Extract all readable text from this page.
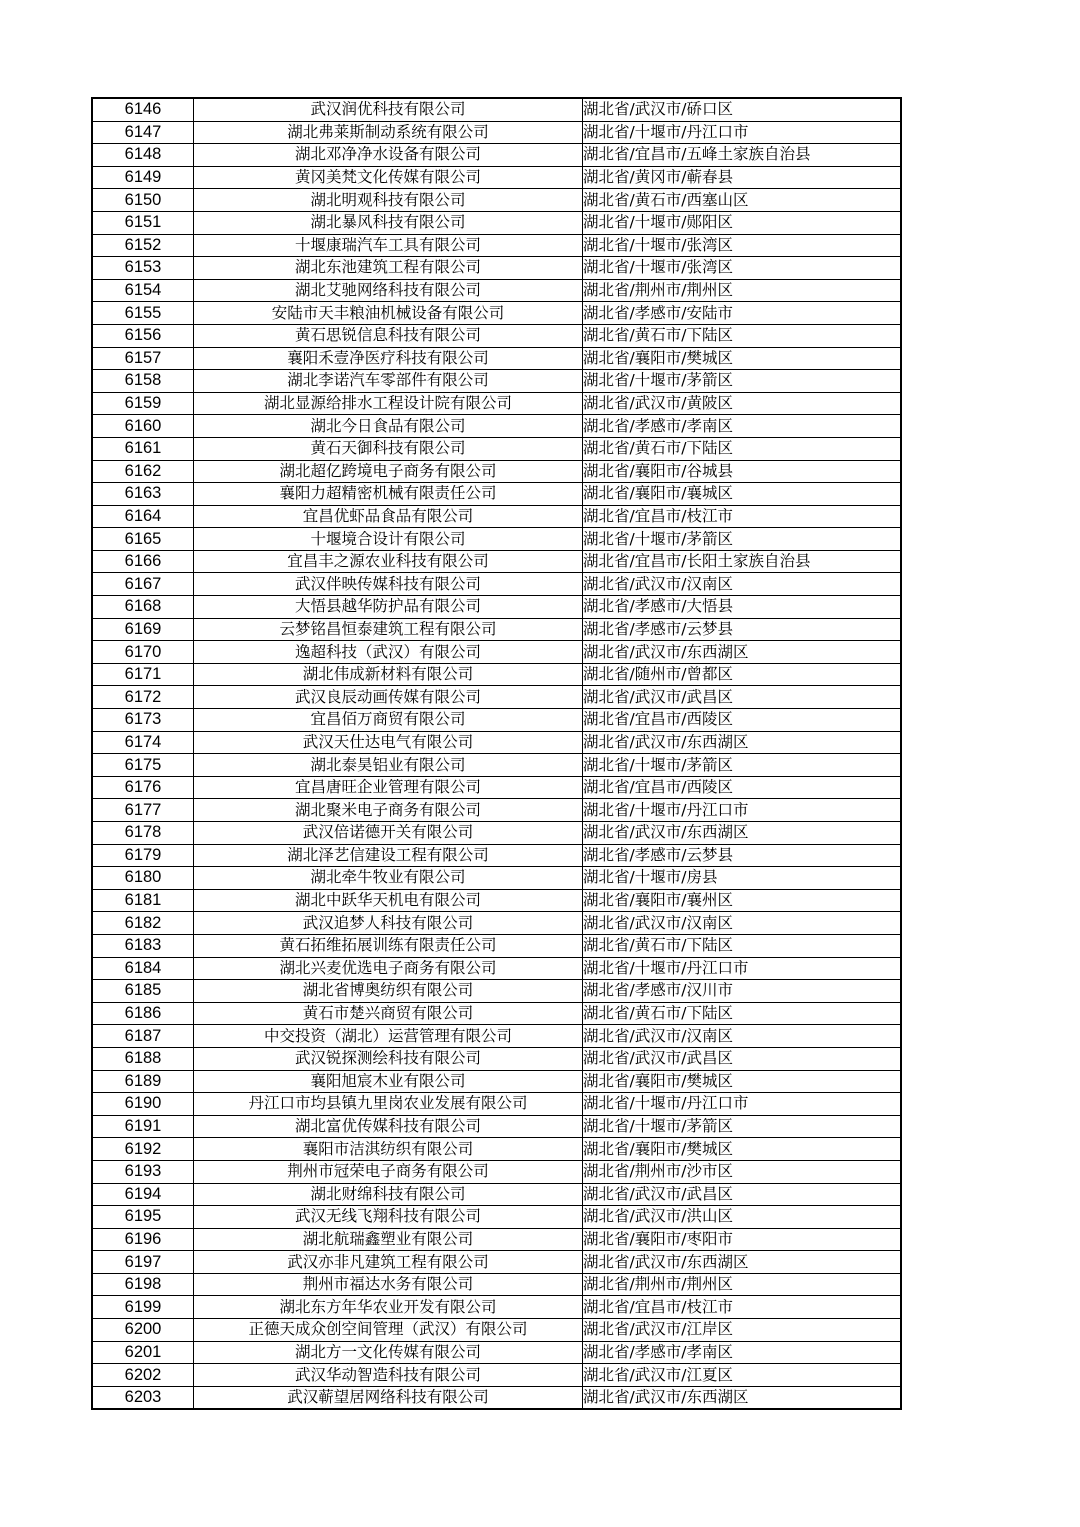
6146	武汉润优科技有限公司	湖北省/武汉市/硚口区
6147	湖北弗莱斯制动系统有限公司	湖北省/十堰市/丹江口市
6148	湖北邓净净水设备有限公司	湖北省/宜昌市/五峰土家族自治县
6149	黄冈美梵文化传媒有限公司	湖北省/黄冈市/蕲春县
6150	湖北明观科技有限公司	湖北省/黄石市/西塞山区
6151	湖北暴风科技有限公司	湖北省/十堰市/郧阳区
6152	十堰康瑞汽车工具有限公司	湖北省/十堰市/张湾区
6153	湖北东池建筑工程有限公司	湖北省/十堰市/张湾区
6154	湖北艾驰网络科技有限公司	湖北省/荆州市/荆州区
6155	安陆市天丰粮油机械设备有限公司	湖北省/孝感市/安陆市
6156	黄石思锐信息科技有限公司	湖北省/黄石市/下陆区
6157	襄阳禾壹净医疗科技有限公司	湖北省/襄阳市/樊城区
6158	湖北李诺汽车零部件有限公司	湖北省/十堰市/茅箭区
6159	湖北显源给排水工程设计院有限公司	湖北省/武汉市/黄陂区
6160	湖北今日食品有限公司	湖北省/孝感市/孝南区
6161	黄石天御科技有限公司	湖北省/黄石市/下陆区
6162	湖北超亿跨境电子商务有限公司	湖北省/襄阳市/谷城县
6163	襄阳力超精密机械有限责任公司	湖北省/襄阳市/襄城区
6164	宜昌优虾品食品有限公司	湖北省/宜昌市/枝江市
6165	十堰境合设计有限公司	湖北省/十堰市/茅箭区
6166	宜昌丰之源农业科技有限公司	湖北省/宜昌市/长阳土家族自治县
6167	武汉伴映传媒科技有限公司	湖北省/武汉市/汉南区
6168	大悟县越华防护品有限公司	湖北省/孝感市/大悟县
6169	云梦铭昌恒泰建筑工程有限公司	湖北省/孝感市/云梦县
6170	逸超科技（武汉）有限公司	湖北省/武汉市/东西湖区
6171	湖北伟成新材料有限公司	湖北省/随州市/曾都区
6172	武汉良辰动画传媒有限公司	湖北省/武汉市/武昌区
6173	宜昌佰万商贸有限公司	湖北省/宜昌市/西陵区
6174	武汉天仕达电气有限公司	湖北省/武汉市/东西湖区
6175	湖北泰昊铝业有限公司	湖北省/十堰市/茅箭区
6176	宜昌唐旺企业管理有限公司	湖北省/宜昌市/西陵区
6177	湖北聚米电子商务有限公司	湖北省/十堰市/丹江口市
6178	武汉倍诺德开关有限公司	湖北省/武汉市/东西湖区
6179	湖北泽艺信建设工程有限公司	湖北省/孝感市/云梦县
6180	湖北牵牛牧业有限公司	湖北省/十堰市/房县
6181	湖北中跃华天机电有限公司	湖北省/襄阳市/襄州区
6182	武汉追梦人科技有限公司	湖北省/武汉市/汉南区
6183	黄石拓维拓展训练有限责任公司	湖北省/黄石市/下陆区
6184	湖北兴麦优选电子商务有限公司	湖北省/十堰市/丹江口市
6185	湖北省博奥纺织有限公司	湖北省/孝感市/汉川市
6186	黄石市楚兴商贸有限公司	湖北省/黄石市/下陆区
6187	中交投资（湖北）运营管理有限公司	湖北省/武汉市/汉南区
6188	武汉锐探测绘科技有限公司	湖北省/武汉市/武昌区
6189	襄阳旭宸木业有限公司	湖北省/襄阳市/樊城区
6190	丹江口市均县镇九里岗农业发展有限公司	湖北省/十堰市/丹江口市
6191	湖北富优传媒科技有限公司	湖北省/十堰市/茅箭区
6192	襄阳市洁淇纺织有限公司	湖北省/襄阳市/樊城区
6193	荆州市冠荣电子商务有限公司	湖北省/荆州市/沙市区
6194	湖北财绵科技有限公司	湖北省/武汉市/武昌区
6195	武汉无线飞翔科技有限公司	湖北省/武汉市/洪山区
6196	湖北航瑞鑫塑业有限公司	湖北省/襄阳市/枣阳市
6197	武汉亦非凡建筑工程有限公司	湖北省/武汉市/东西湖区
6198	荆州市福达水务有限公司	湖北省/荆州市/荆州区
6199	湖北东方年华农业开发有限公司	湖北省/宜昌市/枝江市
6200	正德天成众创空间管理（武汉）有限公司	湖北省/武汉市/江岸区
6201	湖北方一文化传媒有限公司	湖北省/孝感市/孝南区
6202	武汉华动智造科技有限公司	湖北省/武汉市/江夏区
6203	武汉蕲望居网络科技有限公司	湖北省/武汉市/东西湖区
